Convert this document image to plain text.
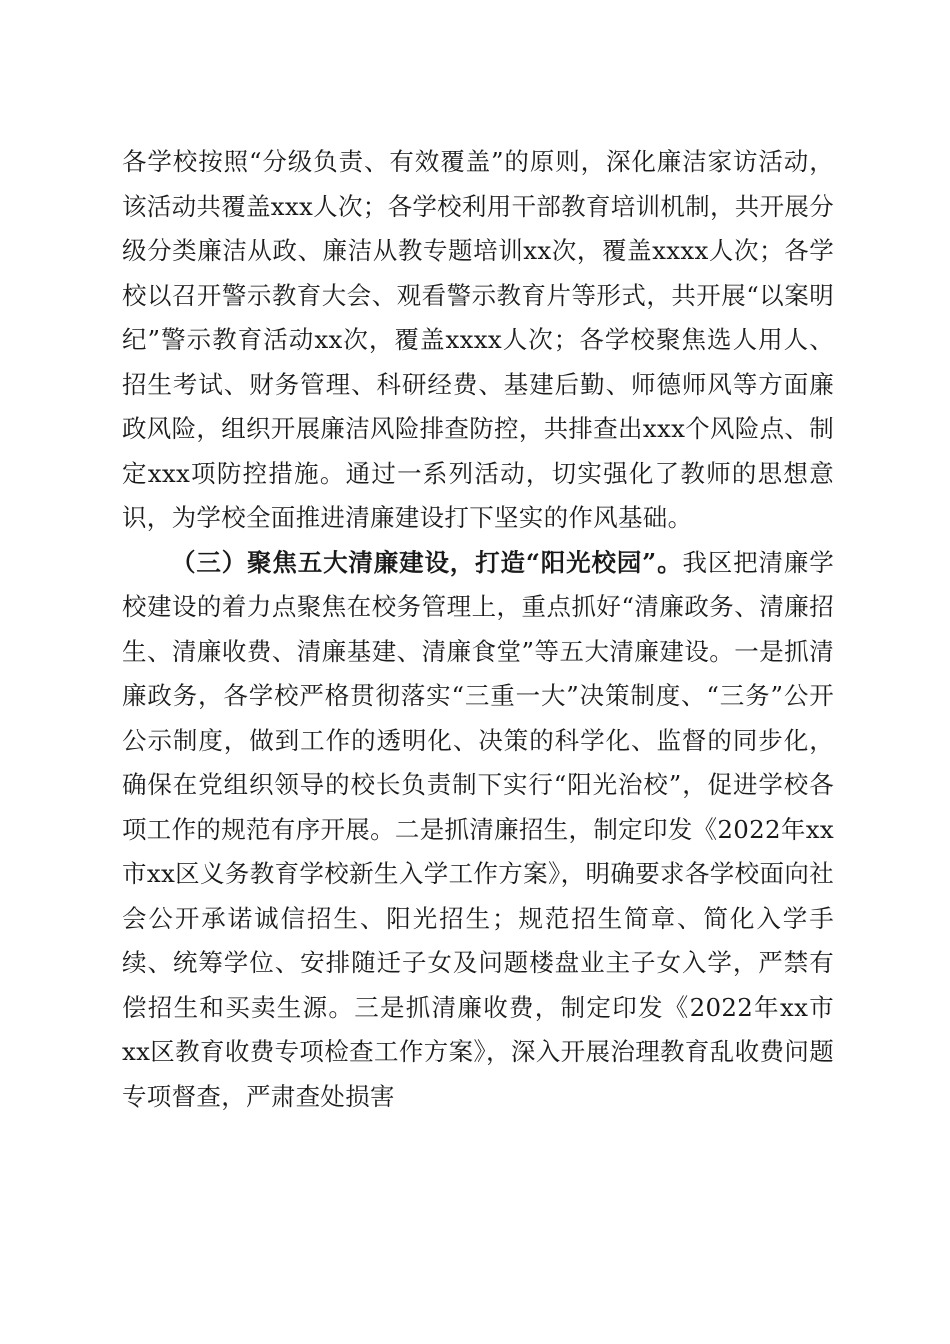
各学校按照“分级负责、有效覆盖”的原则，深化廉洁家访活动，该活动共覆盖xxx人次；各学校利用干部教育培训机制，共开展分级分类廉洁从政、廉洁从教专题培训xx次，覆盖xxxx人次；各学校以召开警示教育大会、观看警示教育片等形式，共开展“以案明纪”警示教育活动xx次，覆盖xxxx人次；各学校聚焦选人用人、招生考试、财务管理、科研经费、基建后勤、师德师风等方面廉政风险，组织开展廉洁风险排查防控，共排查出xxx个风险点、制定xxx项防控措施。通过一系列活动，切实强化了教师的思想意识，为学校全面推进清廉建设打下坚实的作风基础。

（三）聚焦五大清廉建设，打造“阳光校园”。我区把清廉学校建设的着力点聚焦在校务管理上，重点抓好“清廉政务、清廉招生、清廉收费、清廉基建、清廉食堂”等五大清廉建设。一是抓清廉政务，各学校严格贯彻落实“三重一大”决策制度、“三务”公开公示制度，做到工作的透明化、决策的科学化、监督的同步化，确保在党组织领导的校长负责制下实行“阳光治校”，促进学校各项工作的规范有序开展。二是抓清廉招生，制定印发《2022年xx市xx区义务教育学校新生入学工作方案》，明确要求各学校面向社会公开承诺诚信招生、阳光招生；规范招生简章、简化入学手续、统筹学位、安排随迁子女及问题楼盘业主子女入学，严禁有偿招生和买卖生源。三是抓清廉收费，制定印发《2022年xx市xx区教育收费专项检查工作方案》，深入开展治理教育乱收费问题专项督查，严肃查处损害
